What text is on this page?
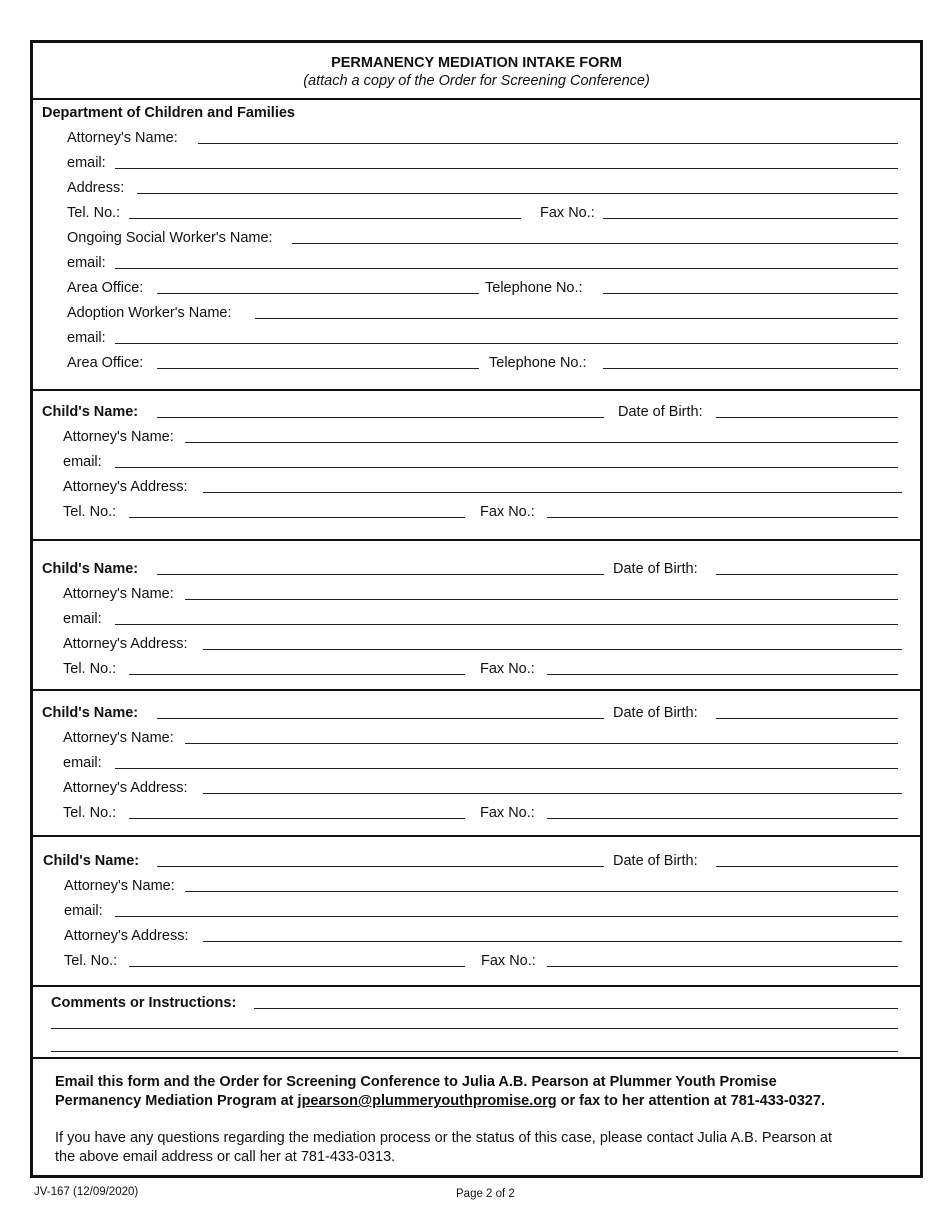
PERMANENCY MEDIATION INTAKE FORM
(attach a copy of the Order for Screening Conference)
Department of Children and Families
Attorney's Name:
email:
Address:
Tel. No.:	Fax No.:
Ongoing Social Worker's Name:
email:
Area Office:	Telephone No.:
Adoption Worker's Name:
email:
Area Office:	Telephone No.:
Child's Name:	Date of Birth:
Attorney's Name:
email:
Attorney's Address:
Tel. No.:	Fax No.:
Child's Name:	Date of Birth:
Attorney's Name:
email:
Attorney's Address:
Tel. No.:	Fax No.:
Child's Name:	Date of Birth:
Attorney's Name:
email:
Attorney's Address:
Tel. No.:	Fax No.:
Child's Name:	Date of Birth:
Attorney's Name:
email:
Attorney's Address:
Tel. No.:	Fax No.:
Comments or Instructions:
Email this form and the Order for Screening Conference to Julia A.B. Pearson at Plummer Youth Promise
Permanency Mediation Program at jpearson@plummeryouthpromise.org or fax to her attention at 781-433-0327.
If you have any questions regarding the mediation process or the status of this case, please contact Julia A.B. Pearson at
the above email address or call her at 781-433-0313.
JV-167 (12/09/2020)	Page 2 of 2
